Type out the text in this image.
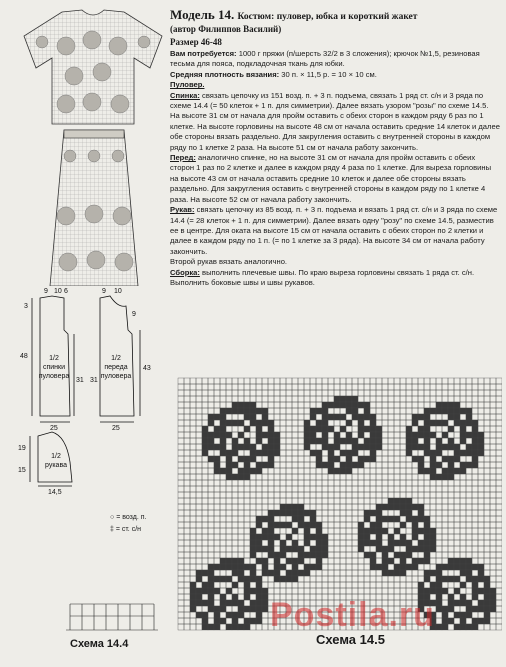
9 10 6
3
48
31
25
1/2
спинки
пуловера
9 10
9
43
31
25
1/2
переда
пуловера
19
15
14,5
1/2
рукава
○ = возд. п.
‡ = ст. с/н
Схема 14.4	Схема 14.5
Postila.ru
Модель 14. Костюм: пуловер, юбка и короткий жакет
(автор Филиппов Василий)
Размер 46-48

Вам потребуется: 1000 г пряжи (п/шерсть 32/2 в 3 сложения); крючок №1,5, резиновая тесьма для пояса, подкладочная ткань для юбки.

Средняя плотность вязания: 30 п. × 11,5 р. = 10 × 10 см.

Пуловер.

Спинка: связать цепочку из 151 возд. п. + 3 п. подъема, связать 1 ряд ст. с/н и 3 ряда по схеме 14.4 (= 50 клеток + 1 п. для симметрии). Далее вязать узором "розы" по схеме 14.5. На высоте 31 см от начала для пройм оставить с обеих сторон в каждом ряду 6 раз по 1 клетке. На высоте горловины на высоте 48 см от начала оставить средние 14 клеток и далее обе стороны вязать раздельно. Для закругления оставить с внутренней стороны в каждом ряду по 1 клетке 2 раза. На высоте 51 см от начала работу закончить.

Перед: аналогично спинке, но на высоте 31 см от начала для пройм оставить с обеих сторон 1 раз по 2 клетке и далее в каждом ряду 4 раза по 1 клетке. Для выреза горловины на высоте 43 см от начала оставить средние 10 клеток и далее обе стороны вязать раздельно. Для закругления оставить с внутренней стороны в каждом ряду по 1 клетке 4 раза. На высоте 52 см от начала работу закончить.

Рукав: связать цепочку из 85 возд. п. + 3 п. подъема и вязать 1 ряд ст. с/н и 3 ряда по схеме 14.4 (= 28 клеток + 1 п. для симметрии). Далее вязать одну "розу" по схеме 14.5, разместив ее в центре. Для оката на высоте 15 см от начала оставить с обеих сторон по 2 клетки и далее в каждом ряду по 1 п. (= по 1 клетке за 3 ряда). На высоте 34 см от начала работу закончить.

Второй рукав вязать аналогично.

Сборка: выполнить плечевые швы. По краю выреза горловины связать 1 ряда ст. с/н. Выполнить боковые швы и швы рукавов.
